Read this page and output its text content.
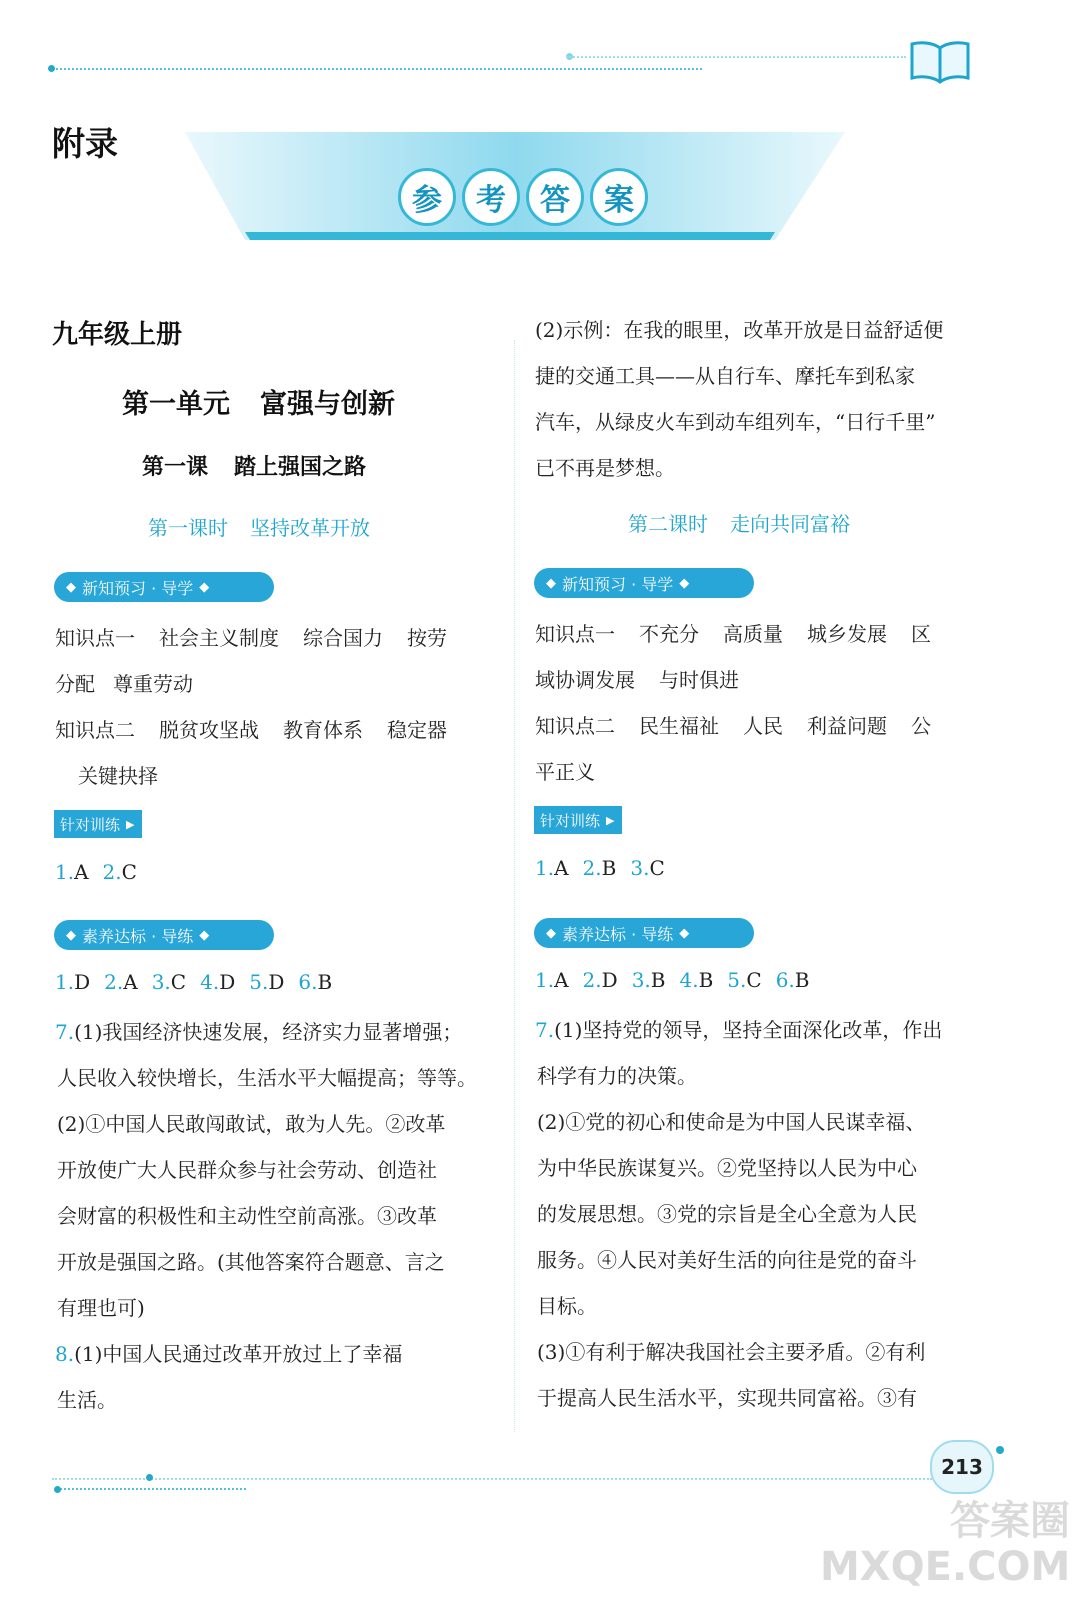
附录
参	考	答	案
九年级上册
第一单元 富强与创新
第一课 踏上强国之路
第一课时 坚持改革开放
◆ 新知预习 · 导学 ◆
知识点一 社会主义制度 综合国力 按劳
分配 尊重劳动
知识点二 脱贫攻坚战 教育体系 稳定器
关键抉择
针对训练 ▶
1.A 2.C
◆ 素养达标 · 导练 ◆
1.D 2.A 3.C 4.D 5.D 6.B
7.(1)我国经济快速发展，经济实力显著增强；
人民收入较快增长，生活水平大幅提高；等等。
(2)①中国人民敢闯敢试，敢为人先。②改革
开放使广大人民群众参与社会劳动、创造社
会财富的积极性和主动性空前高涨。③改革
开放是强国之路。(其他答案符合题意、言之
有理也可)
8.(1)中国人民通过改革开放过上了幸福
生活。
(2)示例：在我的眼里，改革开放是日益舒适便
捷的交通工具——从自行车、摩托车到私家
汽车，从绿皮火车到动车组列车，“日行千里”
已不再是梦想。
第二课时 走向共同富裕
◆ 新知预习 · 导学 ◆
知识点一 不充分 高质量 城乡发展 区
域协调发展 与时俱进
知识点二 民生福祉 人民 利益问题 公
平正义
针对训练 ▶
1.A 2.B 3.C
◆ 素养达标 · 导练 ◆
1.A 2.D 3.B 4.B 5.C 6.B
7.(1)坚持党的领导，坚持全面深化改革，作出
科学有力的决策。
(2)①党的初心和使命是为中国人民谋幸福、
为中华民族谋复兴。②党坚持以人民为中心
的发展思想。③党的宗旨是全心全意为人民
服务。④人民对美好生活的向往是党的奋斗
目标。
(3)①有利于解决我国社会主要矛盾。②有利
于提高人民生活水平，实现共同富裕。③有
213
答案圈 MXQE.COM
